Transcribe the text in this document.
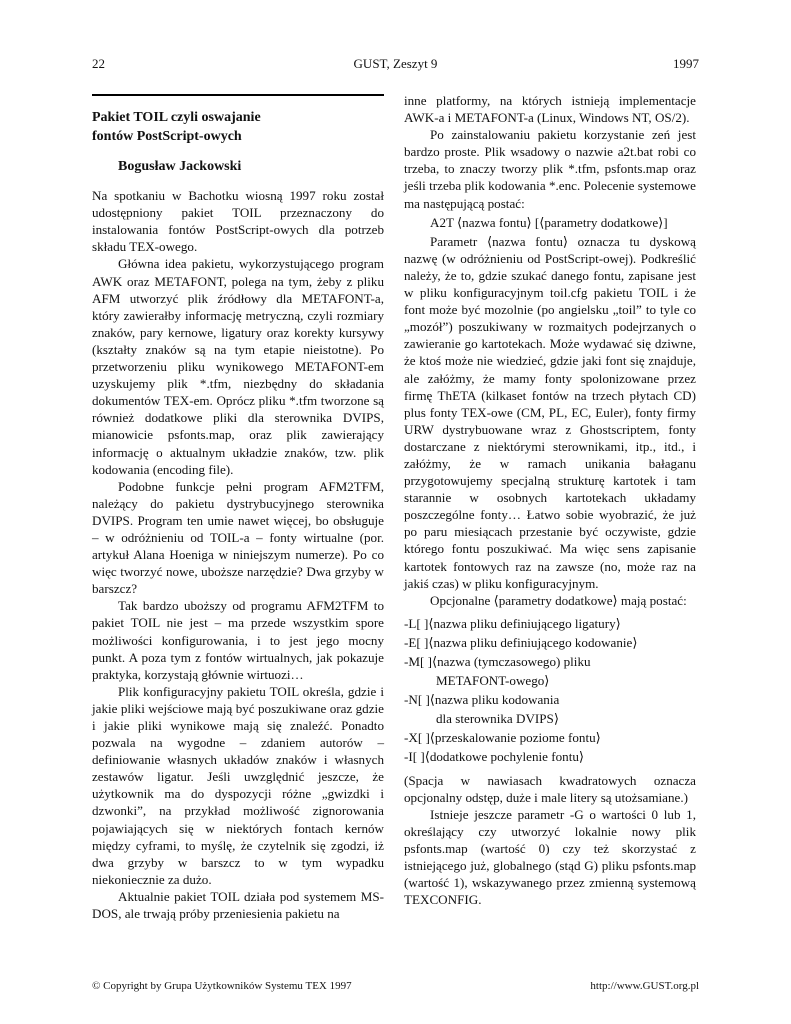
22	GUST, Zeszyt 9	1997
Pakiet TOIL czyli oswajanie
fontów PostScript-owych
Bogusław Jackowski

Na spotkaniu w Bachotku wiosną 1997 roku został udostępniony pakiet TOIL przeznaczony do instalowania fontów PostScript-owych dla potrzeb składu TEX-owego.

Główna idea pakietu, wykorzystującego program AWK oraz METAFONT, polega na tym, żeby z pliku AFM utworzyć plik źródłowy dla METAFONT-a, który zawierałby informację metryczną, czyli rozmiary znaków, pary kernowe, ligatury oraz korekty kursywy (kształty znaków są na tym etapie nieistotne). Po przetworzeniu pliku wynikowego METAFONT-em uzyskujemy plik *.tfm, niezbędny do składania dokumentów TEX-em. Oprócz pliku *.tfm tworzone są również dodatkowe pliki dla sterownika DVIPS, mianowicie psfonts.map, oraz plik zawierający informację o aktualnym układzie znaków, tzw. plik kodowania (encoding file).

Podobne funkcje pełni program AFM2TFM, należący do pakietu dystrybucyjnego sterownika DVIPS. Program ten umie nawet więcej, bo obsługuje – w odróżnieniu od TOIL-a – fonty wirtualne (por. artykuł Alana Hoeniga w niniejszym numerze). Po co więc tworzyć nowe, uboższe narzędzie? Dwa grzyby w barszcz?

Tak bardzo uboższy od programu AFM2TFM to pakiet TOIL nie jest – ma przede wszystkim spore możliwości konfigurowania, i to jest jego mocny punkt. A poza tym z fontów wirtualnych, jak pokazuje praktyka, korzystają głównie wirtuozi…

Plik konfiguracyjny pakietu TOIL określa, gdzie i jakie pliki wejściowe mają być poszukiwane oraz gdzie i jakie pliki wynikowe mają się znaleźć. Ponadto pozwala na wygodne – zdaniem autorów – definiowanie własnych układów znaków i własnych zestawów ligatur. Jeśli uwzględnić jeszcze, że użytkownik ma do dyspozycji różne „gwizdki i dzwonki”, na przykład możliwość zignorowania pojawiających się w niektórych fontach kernów między cyframi, to myślę, że czytelnik się zgodzi, iż dwa grzyby w barszcz to w tym wypadku niekoniecznie za dużo.

Aktualnie pakiet TOIL działa pod systemem MS-DOS, ale trwają próby przeniesienia pakietu na

inne platformy, na których istnieją implementacje AWK-a i METAFONT-a (Linux, Windows NT, OS/2).

Po zainstalowaniu pakietu korzystanie zeń jest bardzo proste. Plik wsadowy o nazwie a2t.bat robi co trzeba, to znaczy tworzy plik *.tfm, psfonts.map oraz jeśli trzeba plik kodowania *.enc. Polecenie systemowe ma następującą postać:

A2T ⟨nazwa fontu⟩ [⟨parametry dodatkowe⟩]

Parametr ⟨nazwa fontu⟩ oznacza tu dyskową nazwę (w odróżnieniu od PostScript-owej). Podkreślić należy, że to, gdzie szukać danego fontu, zapisane jest w pliku konfiguracyjnym toil.cfg pakietu TOIL i że font może być mozolnie (po angielsku „toil” to tyle co „mozół”) poszukiwany w rozmaitych podejrzanych o zawieranie go kartotekach. Może wydawać się dziwne, że ktoś może nie wiedzieć, gdzie jaki font się znajduje, ale załóżmy, że mamy fonty spolonizowane przez firmę ThETA (kilkaset fontów na trzech płytach CD) plus fonty TEX-owe (CM, PL, EC, Euler), fonty firmy URW dystrybuowane wraz z Ghostscriptem, fonty dostarczane z niektórymi sterownikami, itp., itd., i załóżmy, że w ramach unikania bałaganu przygotowujemy specjalną strukturę kartotek i tam starannie w osobnych kartotekach układamy poszczególne fonty… Łatwo sobie wyobrazić, że już po paru miesiącach przestanie być oczywiste, gdzie którego fontu poszukiwać. Ma więc sens zapisanie kartotek fontowych raz na zawsze (no, może raz na jakiś czas) w pliku konfiguracyjnym.

Opcjonalne ⟨parametry dodatkowe⟩ mają postać:

-L[ ]⟨nazwa pliku definiującego ligatury⟩
-E[ ]⟨nazwa pliku definiującego kodowanie⟩
-M[ ]⟨nazwa (tymczasowego) pliku
METAFONT-owego⟩
-N[ ]⟨nazwa pliku kodowania
dla sterownika DVIPS⟩
-X[ ]⟨przeskalowanie poziome fontu⟩
-I[ ]⟨dodatkowe pochylenie fontu⟩

(Spacja w nawiasach kwadratowych oznacza opcjonalny odstęp, duże i male litery są utożsamiane.)

Istnieje jeszcze parametr -G o wartości 0 lub 1, określający czy utworzyć lokalnie nowy plik psfonts.map (wartość 0) czy też skorzystać z istniejącego już, globalnego (stąd G) pliku psfonts.map (wartość 1), wskazywanego przez zmienną systemową TEXCONFIG.

© Copyright by Grupa Użytkowników Systemu TEX 1997	http://www.GUST.org.pl
